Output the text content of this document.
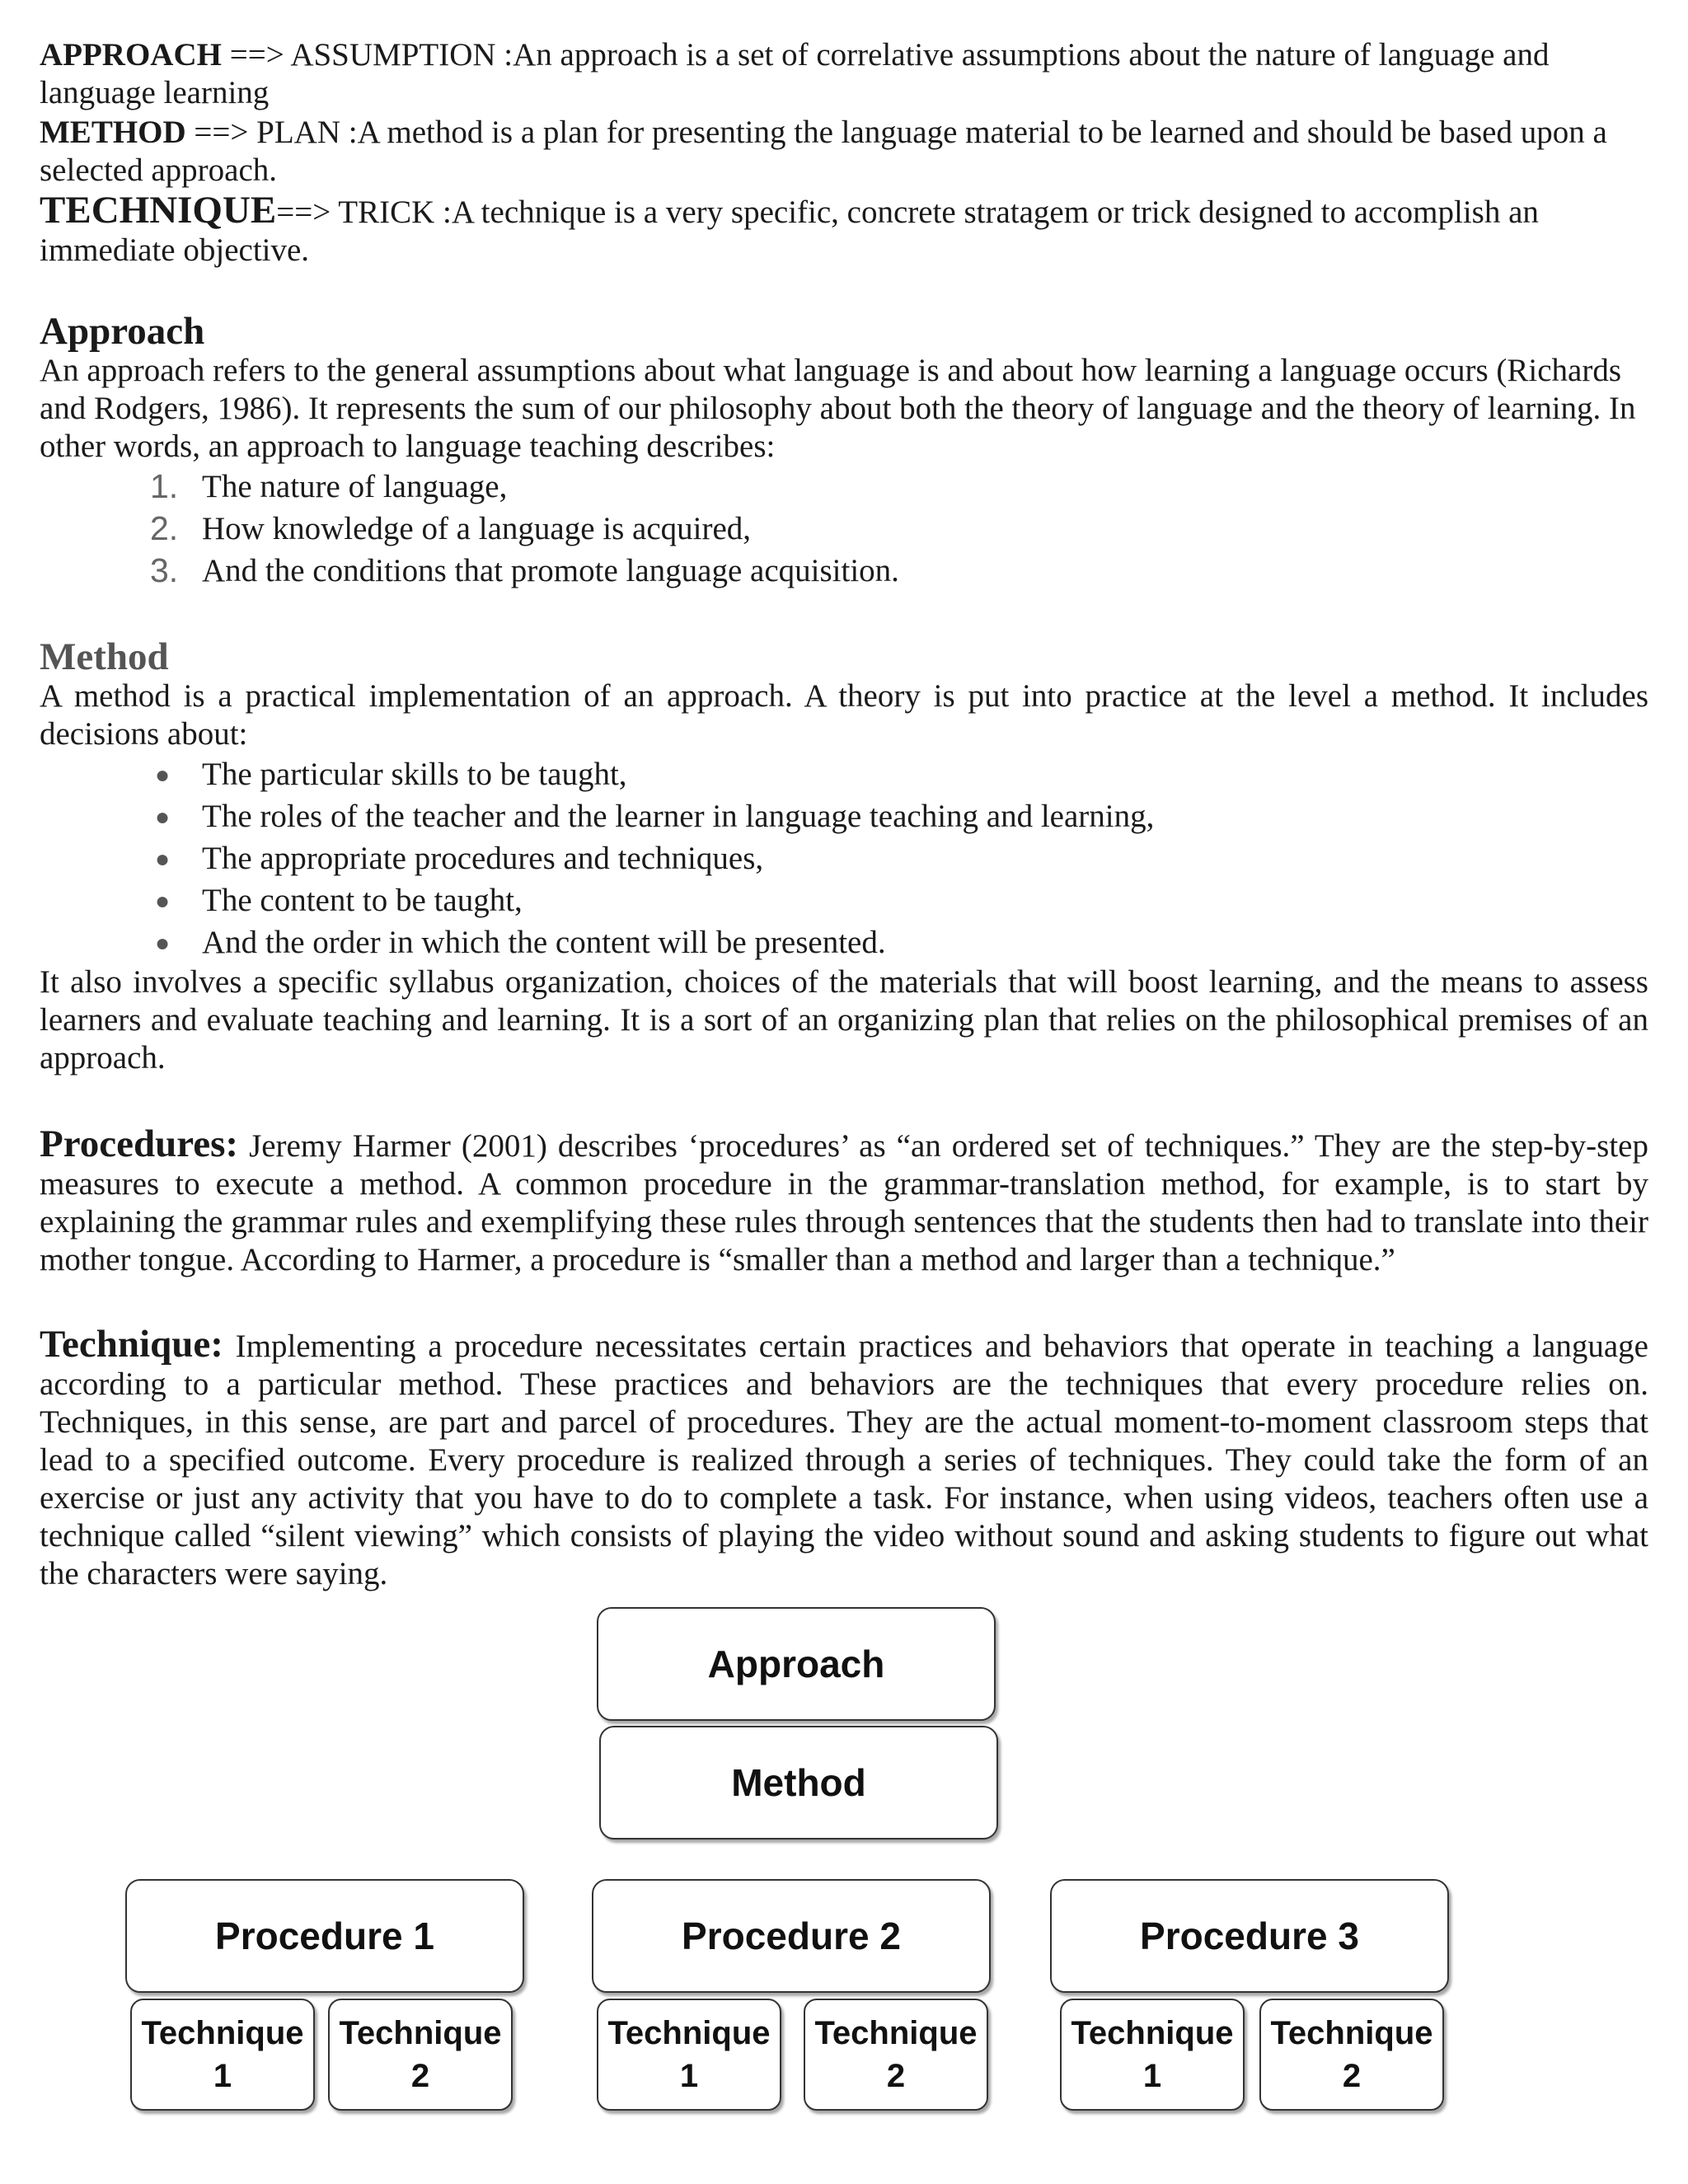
APPROACH ==> ASSUMPTION :An approach is a set of correlative assumptions about the nature of language and language learning

METHOD ==> PLAN :A method is a plan for presenting the language material to be learned and should be based upon a selected approach.

TECHNIQUE==> TRICK :A technique is a very specific, concrete stratagem or trick designed to accomplish an immediate objective.

Approach

An approach refers to the general assumptions about what language is and about how learning a language occurs (Richards and Rodgers, 1986). It represents the sum of our philosophy about both the theory of language and the theory of learning. In other words, an approach to language teaching describes:

1. The nature of language,
2. How knowledge of a language is acquired,
3. And the conditions that promote language acquisition.
Method

A method is a practical implementation of an approach. A theory is put into practice at the level a method. It includes decisions about:

● The particular skills to be taught,
● The roles of the teacher and the learner in language teaching and learning,
● The appropriate procedures and techniques,
● The content to be taught,
● And the order in which the content will be presented.

It also involves a specific syllabus organization, choices of the materials that will boost learning, and the means to assess learners and evaluate teaching and learning. It is a sort of an organizing plan that relies on the philosophical premises of an approach.

Procedures: Jeremy Harmer (2001) describes ‘procedures’ as “an ordered set of techniques.” They are the step-by-step measures to execute a method. A common procedure in the grammar-translation method, for example, is to start by explaining the grammar rules and exemplifying these rules through sentences that the students then had to translate into their mother tongue. According to Harmer, a procedure is “smaller than a method and larger than a technique.”

Technique: Implementing a procedure necessitates certain practices and behaviors that operate in teaching a language according to a particular method. These practices and behaviors are the techniques that every procedure relies on. Techniques, in this sense, are part and parcel of procedures. They are the actual moment-to-moment classroom steps that lead to a specified outcome. Every procedure is realized through a series of techniques. They could take the form of an exercise or just any activity that you have to do to complete a task. For instance, when using videos, teachers often use a technique called “silent viewing” which consists of playing the video without sound and asking students to figure out what the characters were saying.

Approach
Method
Procedure 1	Procedure 2	Procedure 3
Technique
1
Technique
2
Technique
1
Technique
2
Technique
1
Technique
2
